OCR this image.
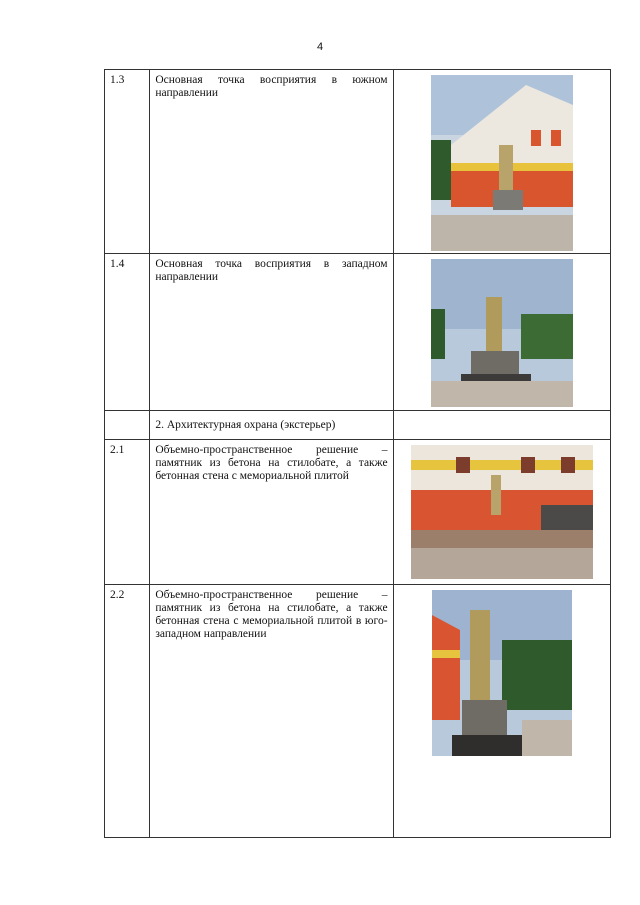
4
1.3	Основная точка восприятия в южном направлении	

1.4	Основная точка восприятия в западном направлении	

	2. Архитектурная охрана (экстерьер)	
2.1	Объемно-пространственное решение – памятник из бетона на стилобате, а также бетонная стена с мемориальной плитой	

2.2	Объемно-пространственное решение – памятник из бетона на стилобате, а также бетонная стена с мемориальной плитой в юго-западном направлении	
